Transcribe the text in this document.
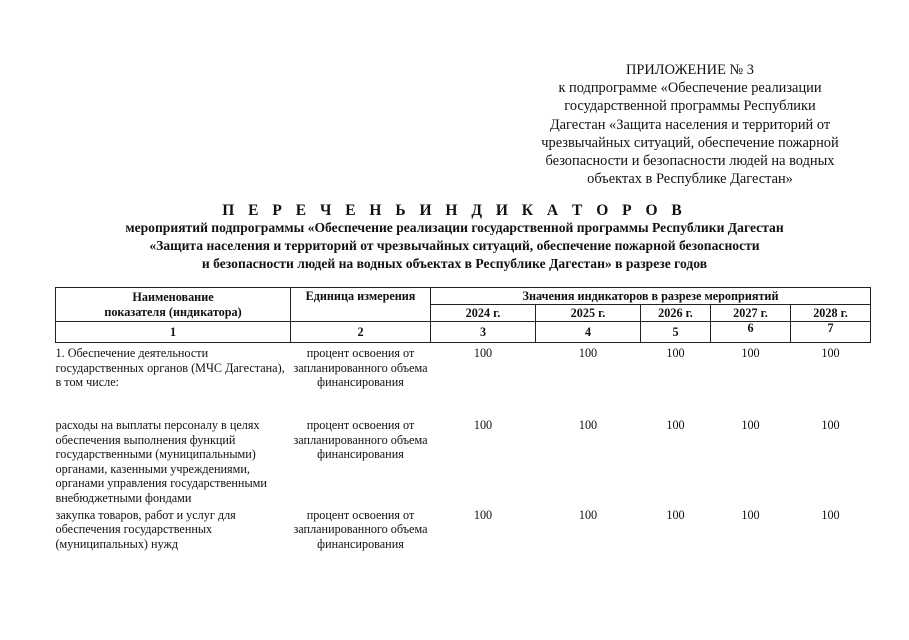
ПРИЛОЖЕНИЕ № 3
к подпрограмме «Обеспечение реализации
государственной программы Республики
Дагестан «Защита населения и территорий от
чрезвычайных ситуаций, обеспечение пожарной
безопасности и безопасности людей на водных
объектах в Республике Дагестан»
П Е Р Е Ч Е Н Ь И Н Д И К А Т О Р О В
мероприятий подпрограммы «Обеспечение реализации государственной программы Республики Дагестан
«Защита населения и территорий от чрезвычайных ситуаций, обеспечение пожарной безопасности
и безопасности людей на водных объектах в Республике Дагестан» в разрезе годов
Наименование
показателя (индикатора)	Единица измерения	Значения индикаторов в разрезе мероприятий				
		2024 г.	2025 г.	2026 г.	2027 г.	2028 г.
1	2	3	4	5	6	7
1. Обеспечение деятельности государственных органов (МЧС Дагестана), в том числе:	процент освоения от запланированного объема финансирования	100	100	100	100	100
расходы на выплаты персоналу в целях обеспечения выполнения функций государственными (муниципальными) органами, казенными учреждениями, органами управления государственными внебюджетными фондами	процент освоения от запланированного объема финансирования	100	100	100	100	100
закупка товаров, работ и услуг для обеспечения государственных (муниципальных) нужд	процент освоения от запланированного объема финансирования	100	100	100	100	100
